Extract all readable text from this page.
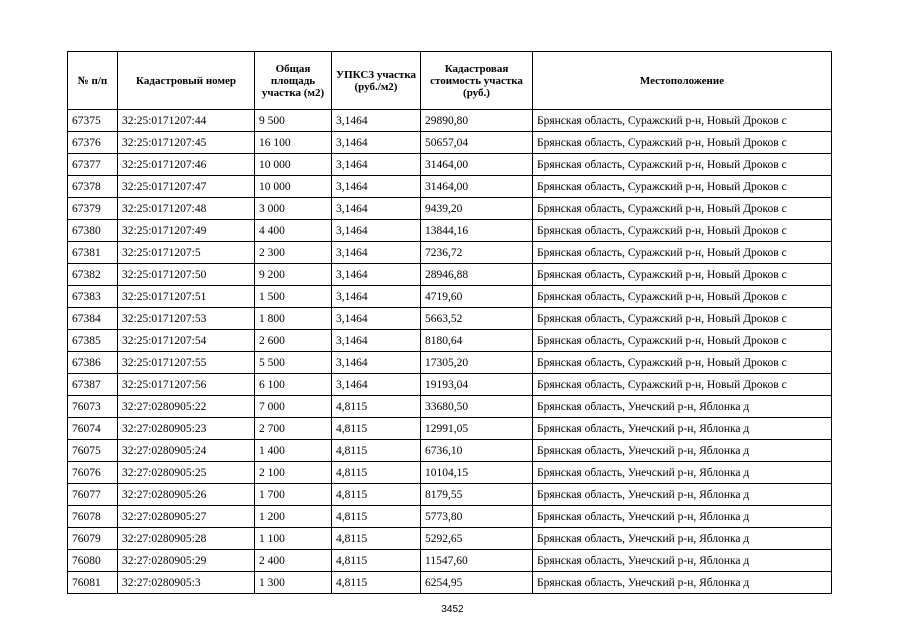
№ п/п	Кадастровый номер	Общая площадь участка (м2)	УПКСЗ участка (руб./м2)	Кадастровая стоимость участка (руб.)	Местоположение
67375	32:25:0171207:44	9 500	3,1464	29890,80	Брянская область, Суражский р-н, Новый Дроков с
67376	32:25:0171207:45	16 100	3,1464	50657,04	Брянская область, Суражский р-н, Новый Дроков с
67377	32:25:0171207:46	10 000	3,1464	31464,00	Брянская область, Суражский р-н, Новый Дроков с
67378	32:25:0171207:47	10 000	3,1464	31464,00	Брянская область, Суражский р-н, Новый Дроков с
67379	32:25:0171207:48	3 000	3,1464	9439,20	Брянская область, Суражский р-н, Новый Дроков с
67380	32:25:0171207:49	4 400	3,1464	13844,16	Брянская область, Суражский р-н, Новый Дроков с
67381	32:25:0171207:5	2 300	3,1464	7236,72	Брянская область, Суражский р-н, Новый Дроков с
67382	32:25:0171207:50	9 200	3,1464	28946,88	Брянская область, Суражский р-н, Новый Дроков с
67383	32:25:0171207:51	1 500	3,1464	4719,60	Брянская область, Суражский р-н, Новый Дроков с
67384	32:25:0171207:53	1 800	3,1464	5663,52	Брянская область, Суражский р-н, Новый Дроков с
67385	32:25:0171207:54	2 600	3,1464	8180,64	Брянская область, Суражский р-н, Новый Дроков с
67386	32:25:0171207:55	5 500	3,1464	17305,20	Брянская область, Суражский р-н, Новый Дроков с
67387	32:25:0171207:56	6 100	3,1464	19193,04	Брянская область, Суражский р-н, Новый Дроков с
76073	32:27:0280905:22	7 000	4,8115	33680,50	Брянская область, Унечский р-н, Яблонка д
76074	32:27:0280905:23	2 700	4,8115	12991,05	Брянская область, Унечский р-н, Яблонка д
76075	32:27:0280905:24	1 400	4,8115	6736,10	Брянская область, Унечский р-н, Яблонка д
76076	32:27:0280905:25	2 100	4,8115	10104,15	Брянская область, Унечский р-н, Яблонка д
76077	32:27:0280905:26	1 700	4,8115	8179,55	Брянская область, Унечский р-н, Яблонка д
76078	32:27:0280905:27	1 200	4,8115	5773,80	Брянская область, Унечский р-н, Яблонка д
76079	32:27:0280905:28	1 100	4,8115	5292,65	Брянская область, Унечский р-н, Яблонка д
76080	32:27:0280905:29	2 400	4,8115	11547,60	Брянская область, Унечский р-н, Яблонка д
76081	32:27:0280905:3	1 300	4,8115	6254,95	Брянская область, Унечский р-н, Яблонка д
3452
